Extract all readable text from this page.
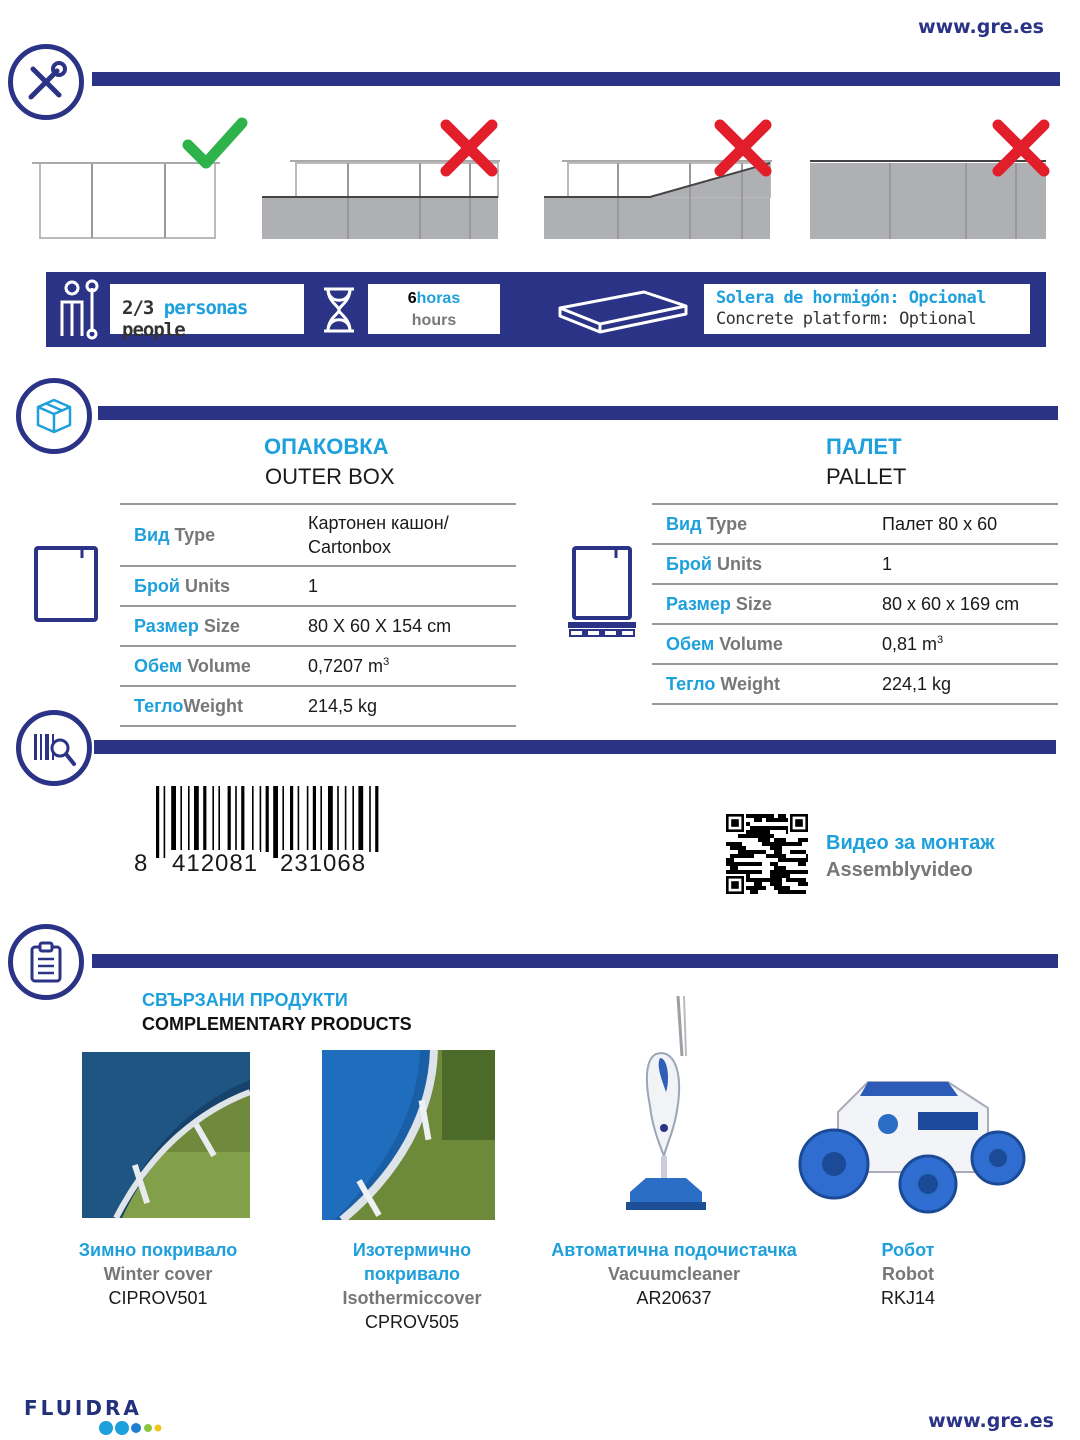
www.gre.es
2/3 personas people
6horas
hours
Solera de hormigón: Opcional
Concrete platform: Optional
ОПАКОВКА
OUTER BOX
Вид Type	Картонен кашон/
Cartonbox
Брой Units	1
Размер Size	80 X 60 X 154 cm
Обем Volume	0,7207 $m^3$
ТеглоWeight	214,5 kg
ПАЛЕТ
PALLET
Вид Type	Палет 80 x 60
Брой Units	1
Размер Size	80 x 60 x 169 cm
Обем Volume	0,81 $m^3$
Тегло Weight	224,1 kg
8 412081 231068
Видео за монтаж
Assemblyvideo
СВЪРЗАНИ ПРОДУКТИ
COMPLEMENTARY PRODUCTS
Зимно покривало
Winter cover
CIPROV501
Изотермично
покривало
Isothermiccover
CPROV505
Автоматична подочистачка
Vacuumcleaner
AR20637
Робот
Robot
RKJ14
FLUIDRA
www.gre.es
